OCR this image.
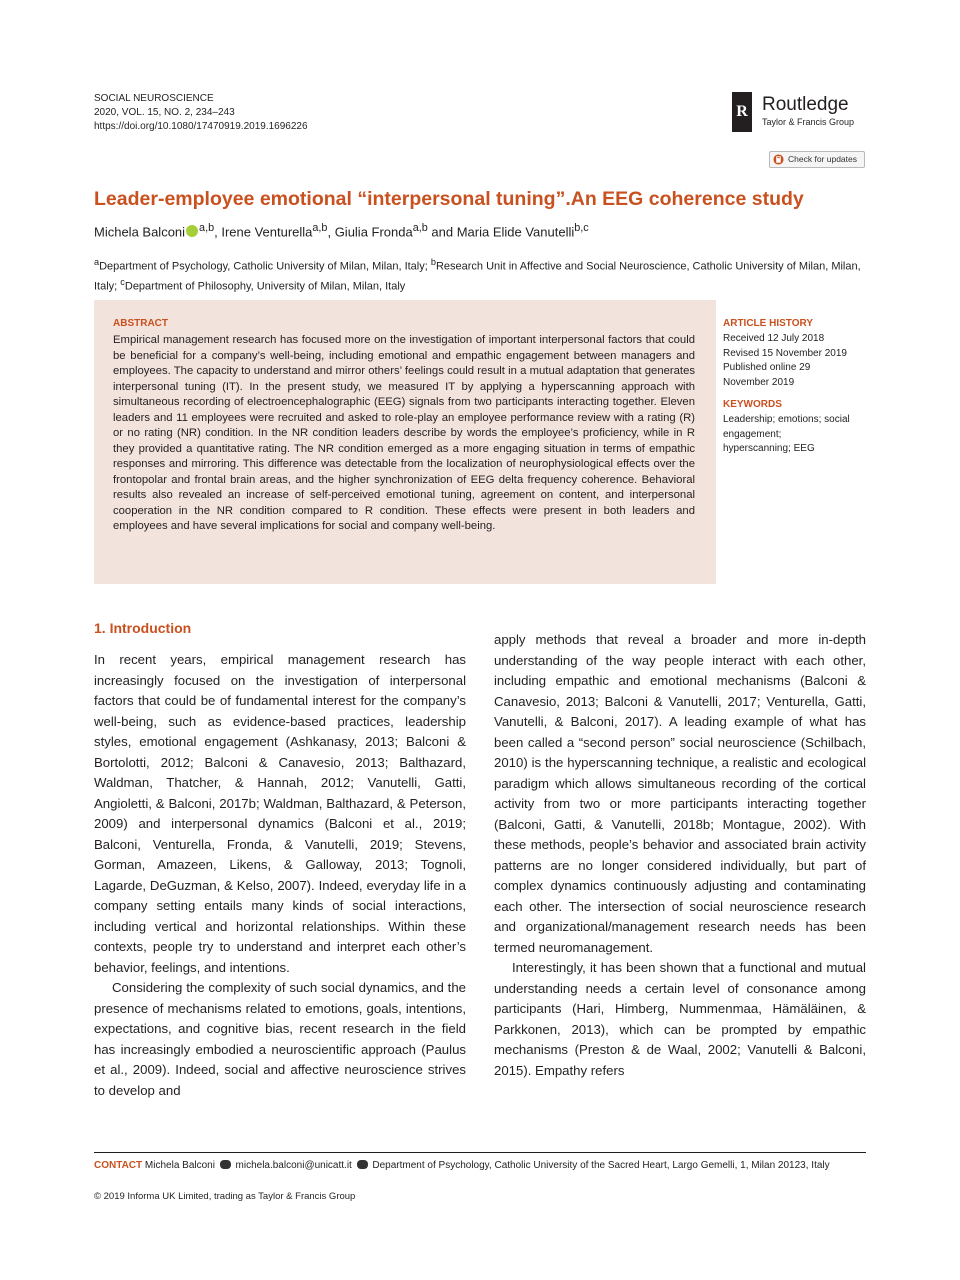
SOCIAL NEUROSCIENCE
2020, VOL. 15, NO. 2, 234–243
https://doi.org/10.1080/17470919.2019.1696226
R Routledge
Taylor & Francis Group
Check for updates
Leader-employee emotional “interpersonal tuning”.An EEG coherence study
Michela Balconi $^{a,b}$, Irene Venturella$^{a,b}$, Giulia Fronda$^{a,b}$ and Maria Elide Vanutelli$^{b,c}$
$^a$Department of Psychology, Catholic University of Milan, Milan, Italy; $^b$Research Unit in Affective and Social Neuroscience, Catholic University of Milan, Milan, Italy; $^c$Department of Philosophy, University of Milan, Milan, Italy
ABSTRACT
Empirical management research has focused more on the investigation of important interpersonal factors that could be beneficial for a company’s well-being, including emotional and empathic engagement between managers and employees. The capacity to understand and mirror others’ feelings could result in a mutual adaptation that generates interpersonal tuning (IT). In the present study, we measured IT by applying a hyperscanning approach with simultaneous recording of electroencephalographic (EEG) signals from two participants interacting together. Eleven leaders and 11 employees were recruited and asked to role-play an employee performance review with a rating (R) or no rating (NR) condition. In the NR condition leaders describe by words the employee’s proficiency, while in R they provided a quantitative rating. The NR condition emerged as a more engaging situation in terms of empathic responses and mirroring. This difference was detectable from the localization of neurophysiological effects over the frontopolar and frontal brain areas, and the higher synchronization of EEG delta frequency coherence. Behavioral results also revealed an increase of self-perceived emotional tuning, agreement on content, and interpersonal cooperation in the NR condition compared to R condition. These effects were present in both leaders and employees and have several implications for social and company well-being.
ARTICLE HISTORY
Received 12 July 2018
Revised 15 November 2019
Published online 29
November 2019
KEYWORDS
Leadership; emotions; social
engagement;
hyperscanning; EEG
1. Introduction

In recent years, empirical management research has increasingly focused on the investigation of interpersonal factors that could be of fundamental interest for the company’s well-being, such as evidence-based practices, leadership styles, emotional engagement (Ashkanasy, 2013; Balconi & Bortolotti, 2012; Balconi & Canavesio, 2013; Balthazard, Waldman, Thatcher, & Hannah, 2012; Vanutelli, Gatti, Angioletti, & Balconi, 2017b; Waldman, Balthazard, & Peterson, 2009) and interpersonal dynamics (Balconi et al., 2019; Balconi, Venturella, Fronda, & Vanutelli, 2019; Stevens, Gorman, Amazeen, Likens, & Galloway, 2013; Tognoli, Lagarde, DeGuzman, & Kelso, 2007). Indeed, everyday life in a company setting entails many kinds of social interactions, including vertical and horizontal relationships. Within these contexts, people try to understand and interpret each other’s behavior, feelings, and intentions.

Considering the complexity of such social dynamics, and the presence of mechanisms related to emotions, goals, intentions, expectations, and cognitive bias, recent research in the field has increasingly embodied a neuroscientific approach (Paulus et al., 2009). Indeed, social and affective neuroscience strives to develop and

apply methods that reveal a broader and more in-depth understanding of the way people interact with each other, including empathic and emotional mechanisms (Balconi & Canavesio, 2013; Balconi & Vanutelli, 2017; Venturella, Gatti, Vanutelli, & Balconi, 2017). A leading example of what has been called a “second person” social neuroscience (Schilbach, 2010) is the hyperscanning technique, a realistic and ecological paradigm which allows simultaneous recording of the cortical activity from two or more participants interacting together (Balconi, Gatti, & Vanutelli, 2018b; Montague, 2002). With these methods, people’s behavior and associated brain activity patterns are no longer considered individually, but part of complex dynamics continuously adjusting and contaminating each other. The intersection of social neuroscience research and organizational/management research needs has been termed neuromanagement.

Interestingly, it has been shown that a functional and mutual understanding needs a certain level of consonance among participants (Hari, Himberg, Nummenmaa, Hämäläinen, & Parkkonen, 2013), which can be prompted by empathic mechanisms (Preston & de Waal, 2002; Vanutelli & Balconi, 2015). Empathy refers

CONTACT Michela Balconi  michela.balconi@unicatt.it  Department of Psychology, Catholic University of the Sacred Heart, Largo Gemelli, 1, Milan 20123, Italy
© 2019 Informa UK Limited, trading as Taylor & Francis Group
